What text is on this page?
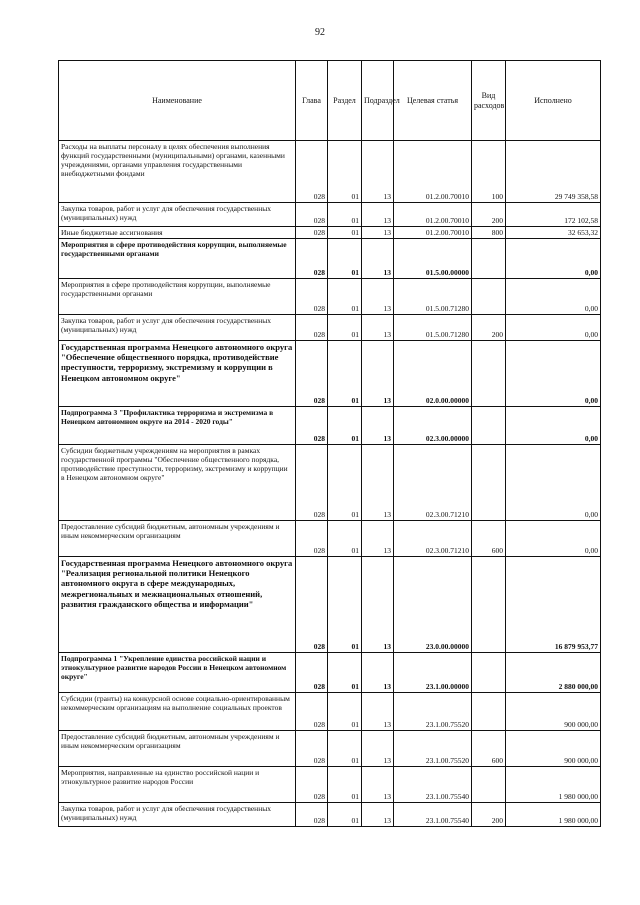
92
Наименование	Глава	Раздел	Подраздел	Целевая статья	Вид расходов	Исполнено
Расходы на выплаты персоналу в целях обеспечения выполнения функций государственными (муниципальными) органами, казенными учреждениями, органами управления государственными внебюджетными фондами	028	01	13	01.2.00.70010	100	29 749 358,58
Закупка товаров, работ и услуг для обеспечения государственных (муниципальных) нужд	028	01	13	01.2.00.70010	200	172 102,58
Иные бюджетные ассигнования	028	01	13	01.2.00.70010	800	32 653,32
Мероприятия в сфере противодействия коррупции, выполняемые государственными органами	028	01	13	01.5.00.00000		0,00
Мероприятия в сфере противодействия коррупции, выполняемые государственными органами	028	01	13	01.5.00.71280		0,00
Закупка товаров, работ и услуг для обеспечения государственных (муниципальных) нужд	028	01	13	01.5.00.71280	200	0,00
Государственная программа Ненецкого автономного округа "Обеспечение общественного порядка, противодействие преступности, терроризму, экстремизму и коррупции в Ненецком автономном округе"	028	01	13	02.0.00.00000		0,00
Подпрограмма 3 "Профилактика терроризма и экстремизма в Ненецком автономном округе на 2014 - 2020 годы"	028	01	13	02.3.00.00000		0,00
Субсидии бюджетным учреждениям на мероприятия в рамках государственной программы "Обеспечение общественного порядка, противодействие преступности, терроризму, экстремизму и коррупции в Ненецком автономном округе"	028	01	13	02.3.00.71210		0,00
Предоставление субсидий бюджетным, автономным учреждениям и иным некоммерческим организациям	028	01	13	02.3.00.71210	600	0,00
Государственная программа Ненецкого автономного округа "Реализация региональной политики Ненецкого автономного округа в сфере международных, межрегиональных и межнациональных отношений, развития гражданского общества и информации"	028	01	13	23.0.00.00000		16 879 953,77
Подпрограмма 1 "Укрепление единства российской нации и этнокультурное развитие народов России в Ненецком автономном округе"	028	01	13	23.1.00.00000		2 880 000,00
Субсидии (гранты) на конкурсной основе социально-ориентированным некоммерческим организациям на выполнение социальных проектов	028	01	13	23.1.00.75520		900 000,00
Предоставление субсидий бюджетным, автономным учреждениям и иным некоммерческим организациям	028	01	13	23.1.00.75520	600	900 000,00
Мероприятия, направленные на единство российской нации и этнокультурное развитие народов России	028	01	13	23.1.00.75540		1 980 000,00
Закупка товаров, работ и услуг для обеспечения государственных (муниципальных) нужд	028	01	13	23.1.00.75540	200	1 980 000,00
